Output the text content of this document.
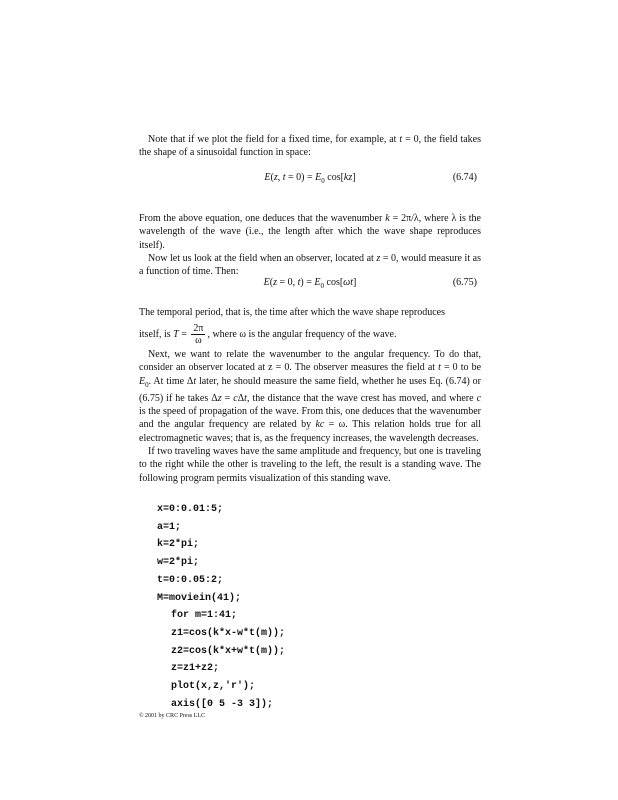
Note that if we plot the field for a fixed time, for example, at t = 0, the field takes the shape of a sinusoidal function in space:

E(z, $t = 0) = E_0$ cos[kz]	(6.74)

From the above equation, one deduces that the wavenumber k = 2π/λ, where λ is the wavelength of the wave (i.e., the length after which the wave shape reproduces itself).

Now let us look at the field when an observer, located at z = 0, would measure it as a function of time. Then:

E(z = 0, $t) = E_0$ cos[ωt]	(6.75)
The temporal period, that is, the time after which the wave shape reproduces
itself, is $T = \frac{2\pi}{\omega}$ , where ω is the angular frequency of the wave.

Next, we want to relate the wavenumber to the angular frequency. To do that, consider an observer located at z = 0. The observer measures the field at t = 0 to be $E_0$. At time Δt later, he should measure the same field, whether he uses Eq. (6.74) or (6.75) if he takes Δz = cΔt, the distance that the wave crest has moved, and where c is the speed of propagation of the wave. From this, one deduces that the wavenumber and the angular frequency are related by kc = ω. This relation holds true for all electromagnetic waves; that is, as the frequency increases, the wavelength decreases.

If two traveling waves have the same amplitude and frequency, but one is traveling to the right while the other is traveling to the left, the result is a standing wave. The following program permits visualization of this standing wave.

x=0:0.01:5;
a=1;
k=2*pi;
w=2*pi;
t=0:0.05:2;
M=moviein(41);
for m=1:41;
z1=cos(k*x-w*t(m));
z2=cos(k*x+w*t(m));
z=z1+z2;
plot(x,z,'r');
axis([0 5 -3 3]);
© 2001 by CRC Press LLC
